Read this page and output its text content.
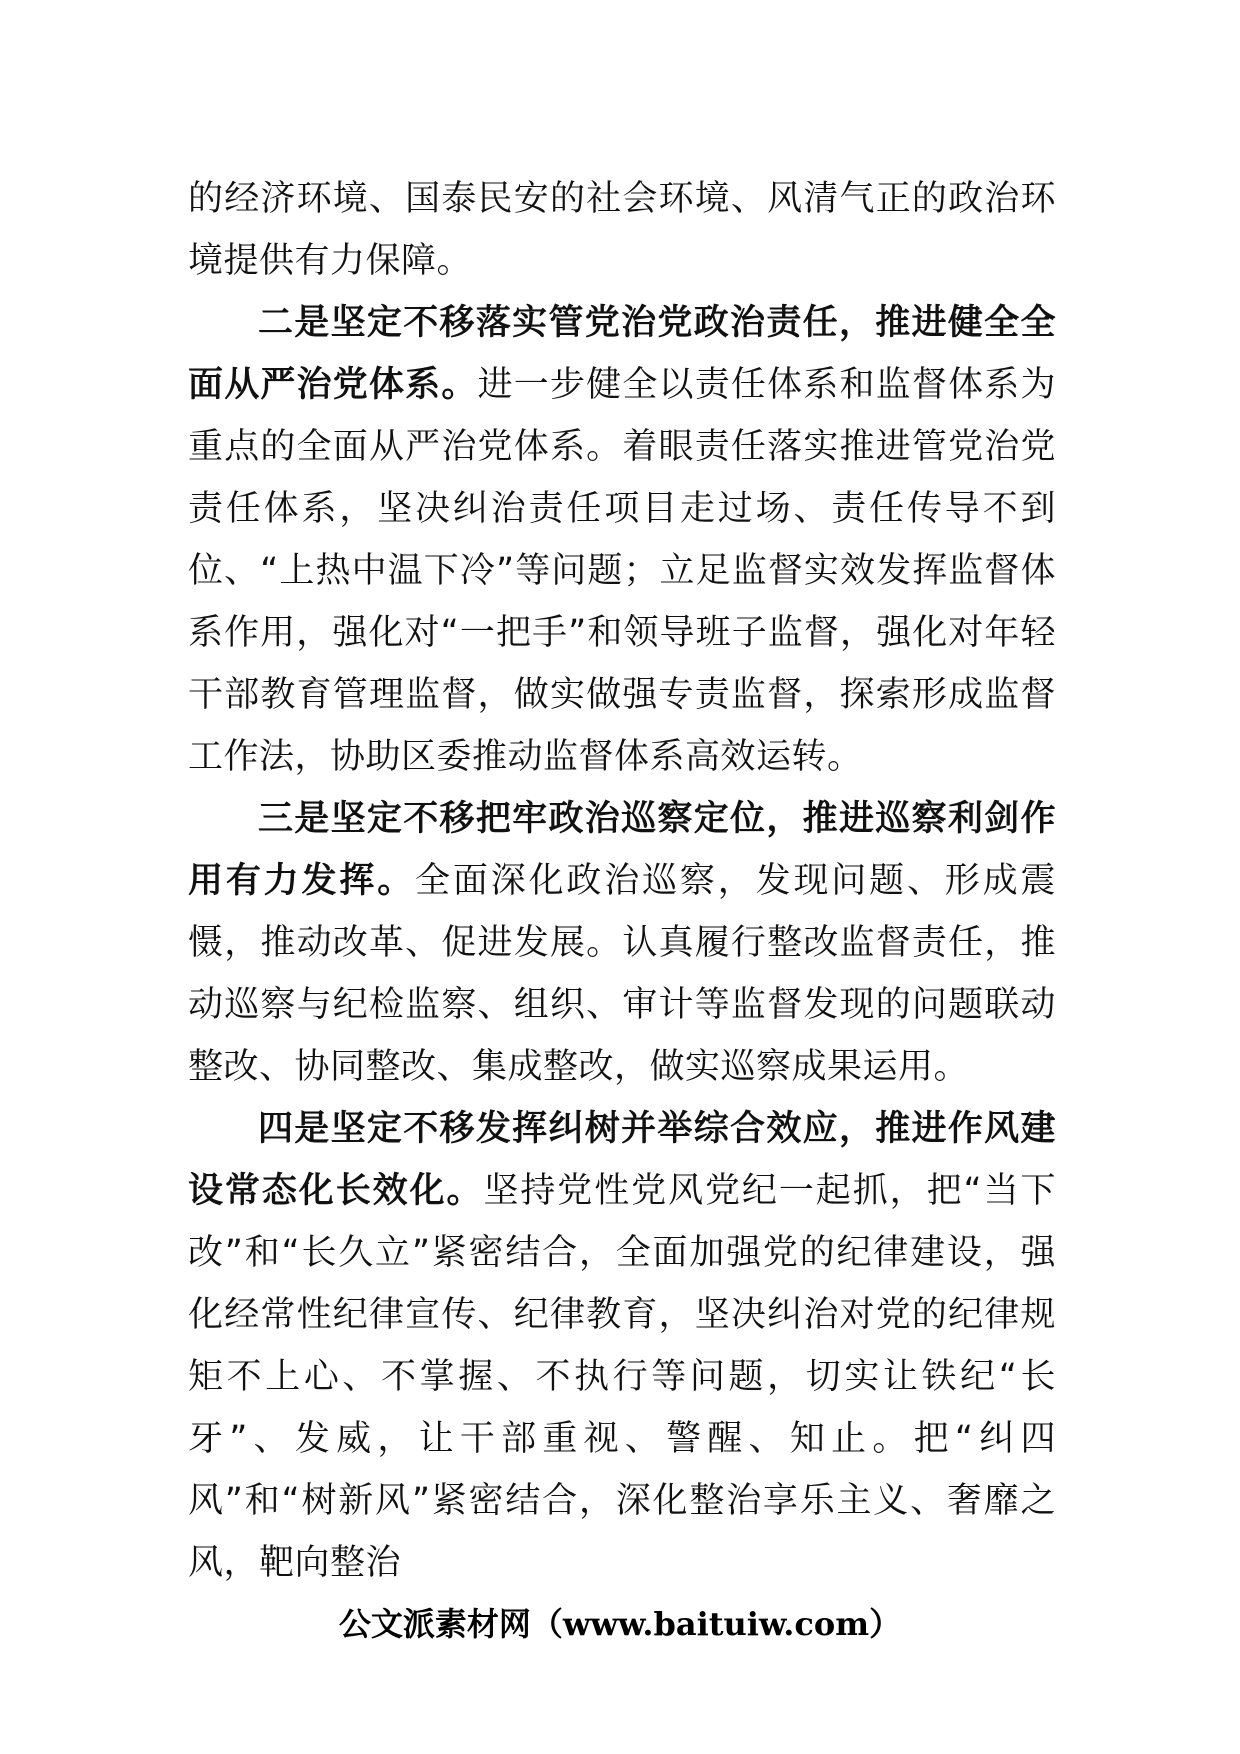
的经济环境、国泰民安的社会环境、风清气正的政治环境提供有力保障。

二是坚定不移落实管党治党政治责任，推进健全全面从严治党体系。进一步健全以责任体系和监督体系为重点的全面从严治党体系。着眼责任落实推进管党治党责任体系，坚决纠治责任项目走过场、责任传导不到位、“上热中温下冷”等问题；立足监督实效发挥监督体系作用，强化对“一把手”和领导班子监督，强化对年轻干部教育管理监督，做实做强专责监督，探索形成监督工作法，协助区委推动监督体系高效运转。

三是坚定不移把牢政治巡察定位，推进巡察利剑作用有力发挥。全面深化政治巡察，发现问题、形成震慑，推动改革、促进发展。认真履行整改监督责任，推动巡察与纪检监察、组织、审计等监督发现的问题联动整改、协同整改、集成整改，做实巡察成果运用。

四是坚定不移发挥纠树并举综合效应，推进作风建设常态化长效化。坚持党性党风党纪一起抓，把“当下改”和“长久立”紧密结合，全面加强党的纪律建设，强化经常性纪律宣传、纪律教育，坚决纠治对党的纪律规矩不上心、不掌握、不执行等问题，切实让铁纪“长牙”、发威，让干部重视、警醒、知止。把“纠四风”和“树新风”紧密结合，深化整治享乐主义、奢靡之风，靶向整治

公文派素材网（www.baituiw.com）
